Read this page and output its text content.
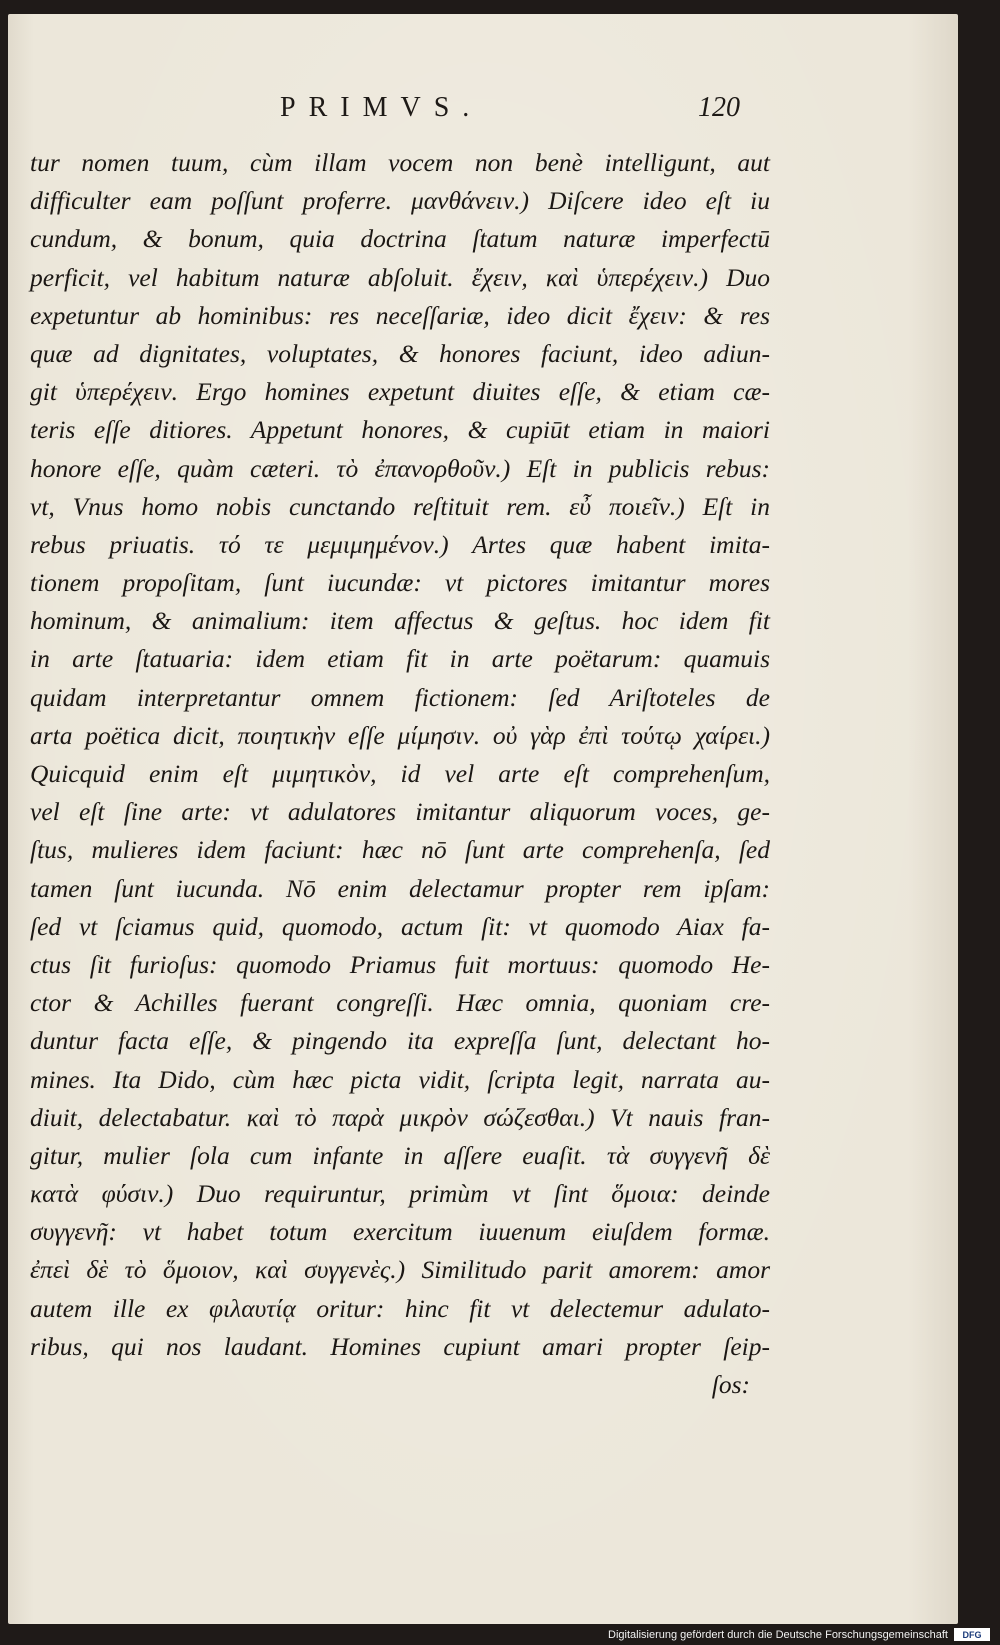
PRIMVS.	120
tur nomen tuum, cùm illam vocem non benè intelligunt, aut
difficulter eam poſſunt proferre. μανθάνειν.) Diſcere ideo eſt iu
cundum, & bonum, quia doctrina ſtatum naturæ imperfectū
perficit, vel habitum naturæ abſoluit. ἔχειν, καὶ ὑπερέχειν.) Duo
expetuntur ab hominibus: res neceſſariæ, ideo dicit ἔχειν: & res
quæ ad dignitates, voluptates, & honores faciunt, ideo adiun-
git ὑπερέχειν. Ergo homines expetunt diuites eſſe, & etiam cæ-
teris eſſe ditiores. Appetunt honores, & cupiūt etiam in maiori
honore eſſe, quàm cæteri. τὸ ἐπανορθοῦν.) Eſt in publicis rebus:
vt, Vnus homo nobis cunctando reſtituit rem. εὖ ποιεῖν.) Eſt in
rebus priuatis. τό τε μεμιμημένον.) Artes quæ habent imita-
tionem propoſitam, ſunt iucundæ: vt pictores imitantur mores
hominum, & animalium: item affectus & geſtus. hoc idem fit
in arte ſtatuaria: idem etiam fit in arte poëtarum: quamuis
quidam interpretantur omnem fictionem: ſed Ariſtoteles de
arta poëtica dicit, ποιητικὴν eſſe μίμησιν. οὐ γὰρ ἐπὶ τούτῳ χαίρει.)
Quicquid enim eſt μιμητικὸν, id vel arte eſt comprehenſum,
vel eſt ſine arte: vt adulatores imitantur aliquorum voces, ge-
ſtus, mulieres idem faciunt: hæc nō ſunt arte comprehenſa, ſed
tamen ſunt iucunda. Nō enim delectamur propter rem ipſam:
ſed vt ſciamus quid, quomodo, actum ſit: vt quomodo Aiax fa-
ctus ſit furioſus: quomodo Priamus fuit mortuus: quomodo He-
ctor & Achilles fuerant congreſſi. Hæc omnia, quoniam cre-
duntur facta eſſe, & pingendo ita expreſſa ſunt, delectant ho-
mines. Ita Dido, cùm hæc picta vidit, ſcripta legit, narrata au-
diuit, delectabatur. καὶ τὸ παρὰ μικρὸν σώζεσθαι.) Vt nauis fran-
gitur, mulier ſola cum infante in aſſere euaſit. τὰ συγγενῆ δὲ
κατὰ φύσιν.) Duo requiruntur, primùm vt ſint ὅμοια: deinde
συγγενῆ: vt habet totum exercitum iuuenum eiuſdem formæ.
ἐπεὶ δὲ τὸ ὅμοιον, καὶ συγγενὲς.) Similitudo parit amorem: amor
autem ille ex φιλαυτίᾳ oritur: hinc fit vt delectemur adulato-
ribus, qui nos laudant. Homines cupiunt amari propter ſeip-
ſos:
Digitalisierung gefördert durch die Deutsche Forschungsgemeinschaft DFG
